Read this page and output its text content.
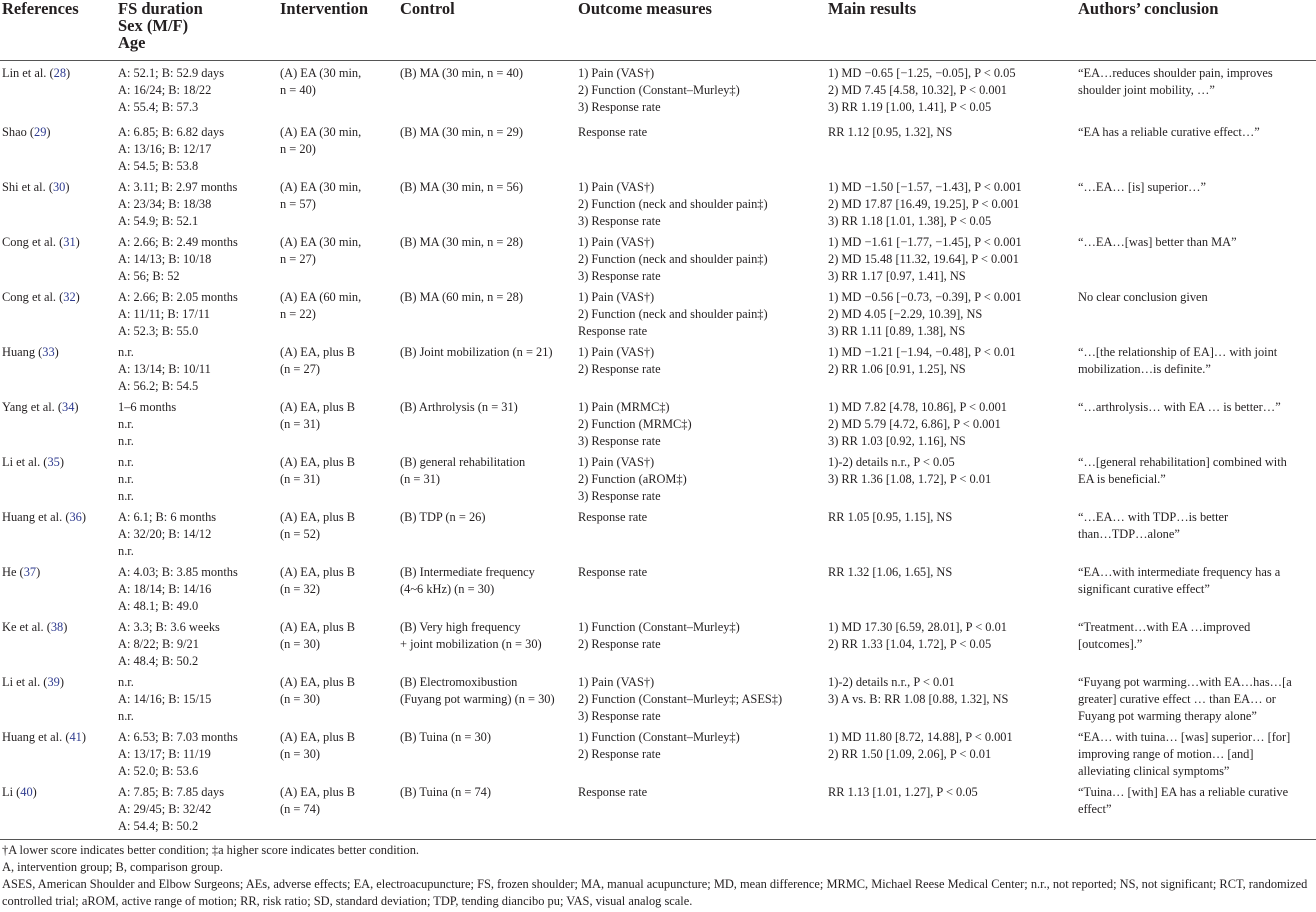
References	FS duration
Sex (M/F)
Age	Intervention	Control	Outcome measures	Main results	Authors’ conclusion

Lin et al. (28)	A: 52.1; B: 52.9 days
A: 16/24; B: 18/22
A: 55.4; B: 57.3	(A) EA (30 min,
n = 40)	(B) MA (30 min, n = 40)	1) Pain (VAS†)
2) Function (Constant–Murley‡)
3) Response rate	1) MD −0.65 [−1.25, −0.05], P < 0.05
2) MD 7.45 [4.58, 10.32], P < 0.001
3) RR 1.19 [1.00, 1.41], P < 0.05	“EA…reduces shoulder pain, improves
shoulder joint mobility, …”

Shao (29)	A: 6.85; B: 6.82 days
A: 13/16; B: 12/17
A: 54.5; B: 53.8	(A) EA (30 min,
n = 20)	(B) MA (30 min, n = 29)	Response rate	RR 1.12 [0.95, 1.32], NS	“EA has a reliable curative effect…”

Shi et al. (30)	A: 3.11; B: 2.97 months
A: 23/34; B: 18/38
A: 54.9; B: 52.1	(A) EA (30 min,
n = 57)	(B) MA (30 min, n = 56)	1) Pain (VAS†)
2) Function (neck and shoulder pain‡)
3) Response rate	1) MD −1.50 [−1.57, −1.43], P < 0.001
2) MD 17.87 [16.49, 19.25], P < 0.001
3) RR 1.18 [1.01, 1.38], P < 0.05	“…EA… [is] superior…”

Cong et al. (31)	A: 2.66; B: 2.49 months
A: 14/13; B: 10/18
A: 56; B: 52	(A) EA (30 min,
n = 27)	(B) MA (30 min, n = 28)	1) Pain (VAS†)
2) Function (neck and shoulder pain‡)
3) Response rate	1) MD −1.61 [−1.77, −1.45], P < 0.001
2) MD 15.48 [11.32, 19.64], P < 0.001
3) RR 1.17 [0.97, 1.41], NS	“…EA…[was] better than MA”

Cong et al. (32)	A: 2.66; B: 2.05 months
A: 11/11; B: 17/11
A: 52.3; B: 55.0	(A) EA (60 min,
n = 22)	(B) MA (60 min, n = 28)	1) Pain (VAS†)
2) Function (neck and shoulder pain‡)
Response rate	1) MD −0.56 [−0.73, −0.39], P < 0.001
2) MD 4.05 [−2.29, 10.39], NS
3) RR 1.11 [0.89, 1.38], NS	No clear conclusion given

Huang (33)	n.r.
A: 13/14; B: 10/11
A: 56.2; B: 54.5	(A) EA, plus B
(n = 27)	(B) Joint mobilization (n = 21)	1) Pain (VAS†)
2) Response rate	1) MD −1.21 [−1.94, −0.48], P < 0.01
2) RR 1.06 [0.91, 1.25], NS	“…[the relationship of EA]… with joint
mobilization…is definite.”

Yang et al. (34)	1–6 months
n.r.
n.r.	(A) EA, plus B
(n = 31)	(B) Arthrolysis (n = 31)	1) Pain (MRMC‡)
2) Function (MRMC‡)
3) Response rate	1) MD 7.82 [4.78, 10.86], P < 0.001
2) MD 5.79 [4.72, 6.86], P < 0.001
3) RR 1.03 [0.92, 1.16], NS	“…arthrolysis… with EA … is better…”

Li et al. (35)	n.r.
n.r.
n.r.	(A) EA, plus B
(n = 31)	(B) general rehabilitation
(n = 31)	1) Pain (VAS†)
2) Function (aROM‡)
3) Response rate	1)-2) details n.r., P < 0.05
3) RR 1.36 [1.08, 1.72], P < 0.01	“…[general rehabilitation] combined with
EA is beneficial.”

Huang et al. (36)	A: 6.1; B: 6 months
A: 32/20; B: 14/12
n.r.	(A) EA, plus B
(n = 52)	(B) TDP (n = 26)	Response rate	RR 1.05 [0.95, 1.15], NS	“…EA… with TDP…is better
than…TDP…alone”

He (37)	A: 4.03; B: 3.85 months
A: 18/14; B: 14/16
A: 48.1; B: 49.0	(A) EA, plus B
(n = 32)	(B) Intermediate frequency
(4~6 kHz) (n = 30)	Response rate	RR 1.32 [1.06, 1.65], NS	“EA…with intermediate frequency has a
significant curative effect”

Ke et al. (38)	A: 3.3; B: 3.6 weeks
A: 8/22; B: 9/21
A: 48.4; B: 50.2	(A) EA, plus B
(n = 30)	(B) Very high frequency
+ joint mobilization (n = 30)	1) Function (Constant–Murley‡)
2) Response rate	1) MD 17.30 [6.59, 28.01], P < 0.01
2) RR 1.33 [1.04, 1.72], P < 0.05	“Treatment…with EA …improved
[outcomes].”

Li et al. (39)	n.r.
A: 14/16; B: 15/15
n.r.	(A) EA, plus B
(n = 30)	(B) Electromoxibustion
(Fuyang pot warming) (n = 30)	1) Pain (VAS†)
2) Function (Constant–Murley‡; ASES‡)
3) Response rate	1)-2) details n.r., P < 0.01
3) A vs. B: RR 1.08 [0.88, 1.32], NS	“Fuyang pot warming…with EA…has…[a
greater] curative effect … than EA… or
Fuyang pot warming therapy alone”

Huang et al. (41)	A: 6.53; B: 7.03 months
A: 13/17; B: 11/19
A: 52.0; B: 53.6	(A) EA, plus B
(n = 30)	(B) Tuina (n = 30)	1) Function (Constant–Murley‡)
2) Response rate	1) MD 11.80 [8.72, 14.88], P < 0.001
2) RR 1.50 [1.09, 2.06], P < 0.01	“EA… with tuina… [was] superior… [for]
improving range of motion… [and]
alleviating clinical symptoms”

Li (40)	A: 7.85; B: 7.85 days
A: 29/45; B: 32/42
A: 54.4; B: 50.2	(A) EA, plus B
(n = 74)	(B) Tuina (n = 74)	Response rate	RR 1.13 [1.01, 1.27], P < 0.05	“Tuina… [with] EA has a reliable curative
effect”
†A lower score indicates better condition; ‡a higher score indicates better condition.
A, intervention group; B, comparison group.
ASES, American Shoulder and Elbow Surgeons; AEs, adverse effects; EA, electroacupuncture; FS, frozen shoulder; MA, manual acupuncture; MD, mean difference; MRMC, Michael Reese Medical Center; n.r., not reported; NS, not significant; RCT, randomized controlled trial; aROM, active range of motion; RR, risk ratio; SD, standard deviation; TDP, tending diancibo pu; VAS, visual analog scale.
